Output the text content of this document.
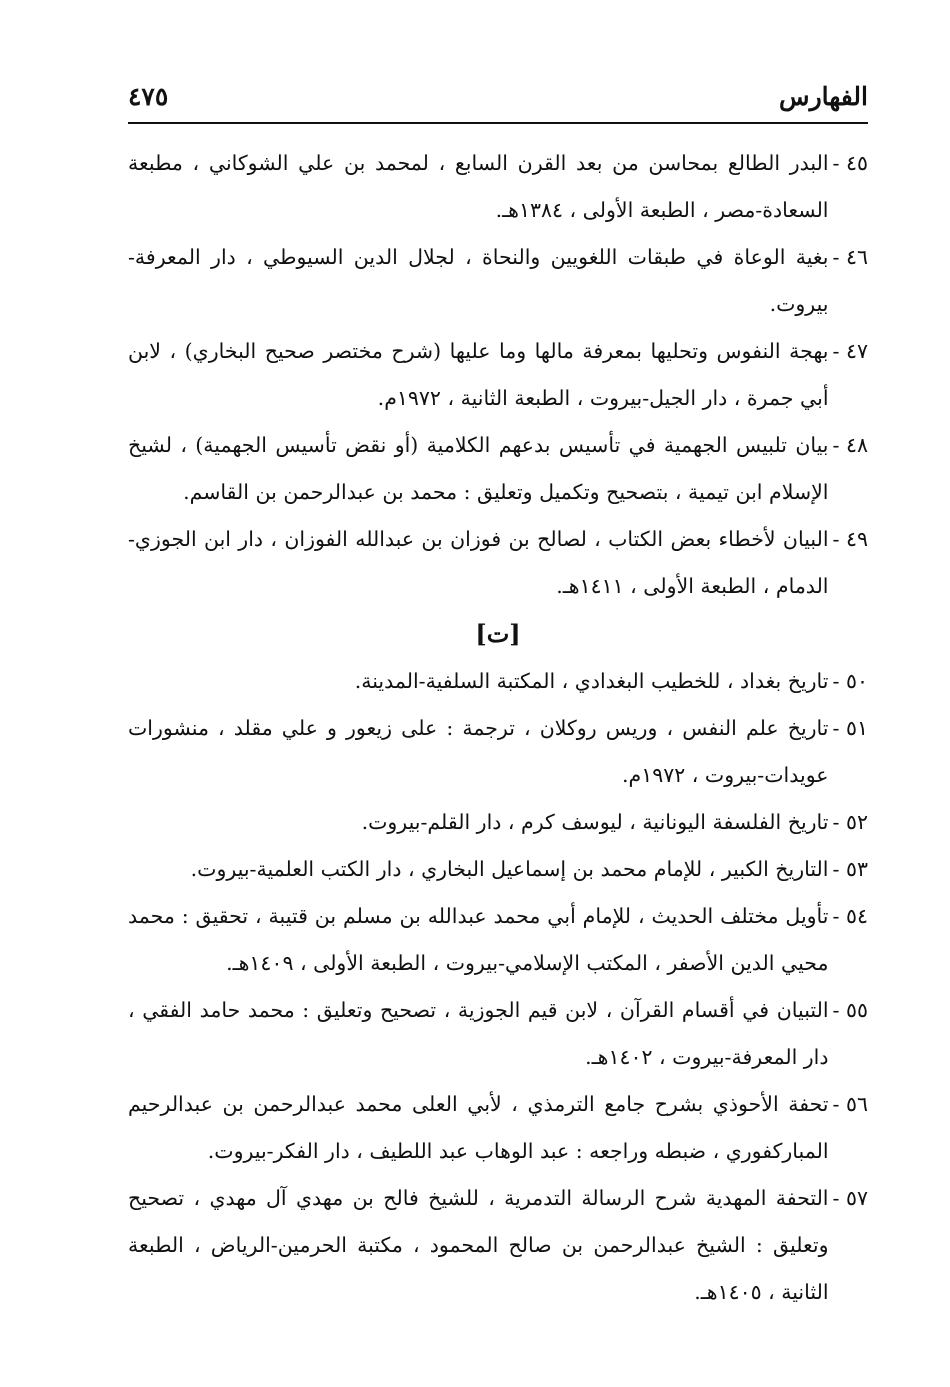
الفهارس
٤٧٥
٤٥ -
البدر الطالع بمحاسن من بعد القرن السابع ، لمحمد بن علي الشوكاني ، مطبعة السعادة-مصر ، الطبعة الأولى ، ١٣٨٤هـ.
٤٦ -
بغية الوعاة في طبقات اللغويين والنحاة ، لجلال الدين السيوطي ، دار المعرفة-بيروت.
٤٧ -
بهجة النفوس وتحليها بمعرفة مالها وما عليها (شرح مختصر صحيح البخاري) ، لابن أبي جمرة ، دار الجيل-بيروت ، الطبعة الثانية ، ١٩٧٢م.
٤٨ -
بيان تلبيس الجهمية في تأسيس بدعهم الكلامية (أو نقض تأسيس الجهمية) ، لشيخ الإسلام ابن تيمية ، بتصحيح وتكميل وتعليق : محمد بن عبدالرحمن بن القاسم.
٤٩ -
البيان لأخطاء بعض الكتاب ، لصالح بن فوزان بن عبدالله الفوزان ، دار ابن الجوزي-الدمام ، الطبعة الأولى ، ١٤١١هـ.
[ت]
٥٠ -
تاريخ بغداد ، للخطيب البغدادي ، المكتبة السلفية-المدينة.
٥١ -
تاريخ علم النفس ، وريس روكلان ، ترجمة : على زيعور و علي مقلد ، منشورات عويدات-بيروت ، ١٩٧٢م.
٥٢ -
تاريخ الفلسفة اليونانية ، ليوسف كرم ، دار القلم-بيروت.
٥٣ -
التاريخ الكبير ، للإمام محمد بن إسماعيل البخاري ، دار الكتب العلمية-بيروت.
٥٤ -
تأويل مختلف الحديث ، للإمام أبي محمد عبدالله بن مسلم بن قتيبة ، تحقيق : محمد محيي الدين الأصفر ، المكتب الإسلامي-بيروت ، الطبعة الأولى ، ١٤٠٩هـ.
٥٥ -
التبيان في أقسام القرآن ، لابن قيم الجوزية ، تصحيح وتعليق : محمد حامد الفقي ، دار المعرفة-بيروت ، ١٤٠٢هـ.
٥٦ -
تحفة الأحوذي بشرح جامع الترمذي ، لأبي العلى محمد عبدالرحمن بن عبدالرحيم المباركفوري ، ضبطه وراجعه : عبد الوهاب عبد اللطيف ، دار الفكر-بيروت.
٥٧ -
التحفة المهدية شرح الرسالة التدمرية ، للشيخ فالح بن مهدي آل مهدي ، تصحيح وتعليق : الشيخ عبدالرحمن بن صالح المحمود ، مكتبة الحرمين-الرياض ، الطبعة الثانية ، ١٤٠٥هـ.
